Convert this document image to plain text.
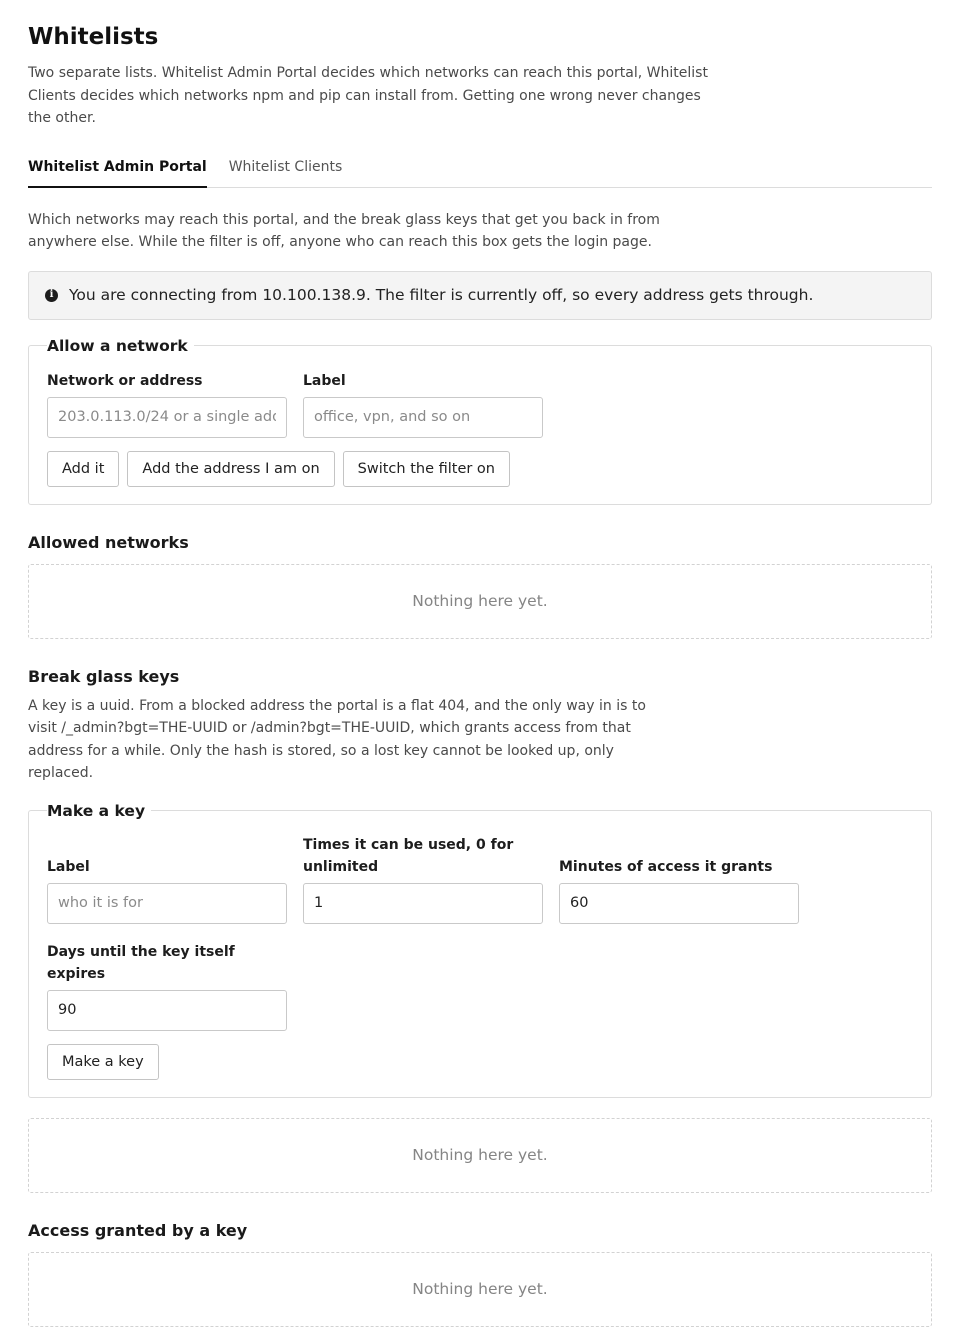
Whitelists

Two separate lists. Whitelist Admin Portal decides which networks can reach this portal, Whitelist Clients decides which networks npm and pip can install from. Getting one wrong never changes the other.

Whitelist Admin Portal Whitelist Clients

Which networks may reach this portal, and the break glass keys that get you back in from anywhere else. While the filter is off, anyone who can reach this box gets the login page.

i You are connecting from 10.100.138.9. The filter is currently off, so every address gets through.
Allow a network
Network or address
203.0.113.0/24 or a single address	Label
office, vpn, and so on
Add it	Add the address I am on	Switch the filter on
Allowed networks
Nothing here yet.
Break glass keys

A key is a uuid. From a blocked address the portal is a flat 404, and the only way in is to visit /_admin?bgt=THE-UUID or /admin?bgt=THE-UUID, which grants access from that address for a while. Only the hash is stored, so a lost key cannot be looked up, only replaced.

Make a key
Label
who it is for
Times it can be used, 0 for unlimited
1	Minutes of access it grants
60
Days until the key itself expires
90
Make a key
Nothing here yet.
Access granted by a key
Nothing here yet.
